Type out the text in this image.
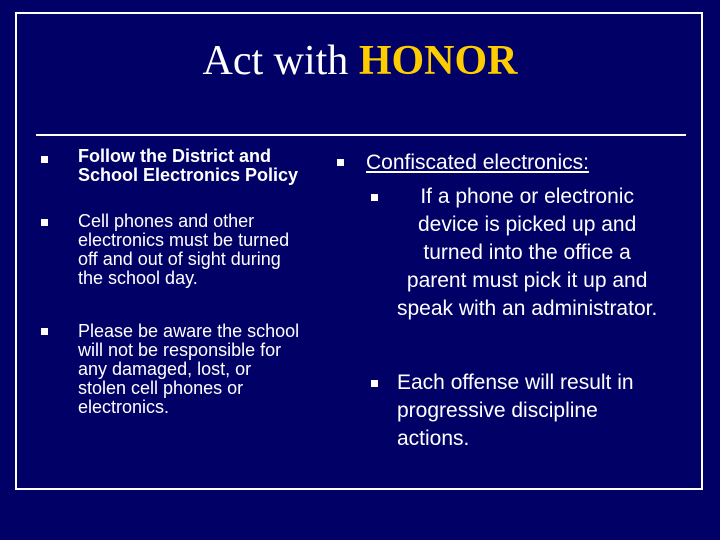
Act with HONOR
Follow the District and
School Electronics Policy
Cell phones and other
electronics must be turned
off and out of sight during
the school day.
Please be aware the school
will not be responsible for
any damaged, lost, or
stolen cell phones or
electronics.
Confiscated electronics:
If a phone or electronic
device is picked up and
turned into the office a
parent must pick it up and
speak with an administrator.
Each offense will result in
progressive discipline
actions.
